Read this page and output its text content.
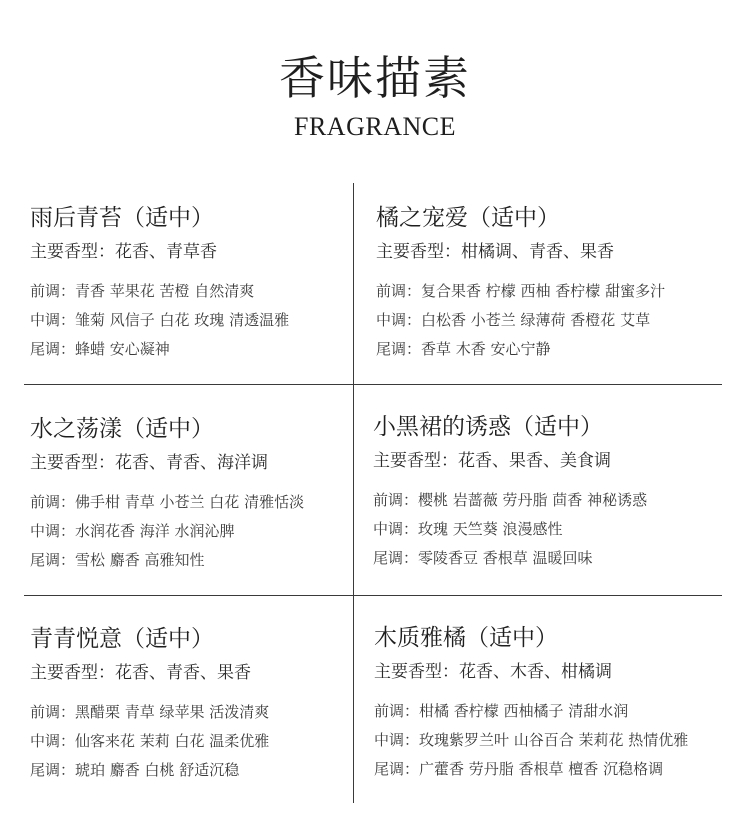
香味描素
FRAGRANCE
雨后青苔（适中）
主要香型：花香、青草香
前调：青香 苹果花 苦橙 自然清爽
中调：雏菊 风信子 白花 玫瑰 清透温雅
尾调：蜂蜡 安心凝神
橘之宠爱（适中）
主要香型：柑橘调、青香、果香
前调：复合果香 柠檬 西柚 香柠檬 甜蜜多汁
中调：白松香 小苍兰 绿薄荷 香橙花 艾草
尾调：香草 木香 安心宁静
水之荡漾（适中）
主要香型：花香、青香、海洋调
前调：佛手柑 青草 小苍兰 白花 清雅恬淡
中调：水润花香 海洋 水润沁脾
尾调：雪松 麝香 高雅知性
小黑裙的诱惑（适中）
主要香型：花香、果香、美食调
前调：樱桃 岩蔷薇 劳丹脂 茴香 神秘诱惑
中调：玫瑰 天竺葵 浪漫感性
尾调：零陵香豆 香根草 温暖回味
青青悦意（适中）
主要香型：花香、青香、果香
前调：黑醋栗 青草 绿苹果 活泼清爽
中调：仙客来花 茉莉 白花 温柔优雅
尾调：琥珀 麝香 白桃 舒适沉稳
木质雅橘（适中）
主要香型：花香、木香、柑橘调
前调：柑橘 香柠檬 西柚橘子 清甜水润
中调：玫瑰紫罗兰叶 山谷百合 茉莉花 热情优雅
尾调：广藿香 劳丹脂 香根草 檀香 沉稳格调
